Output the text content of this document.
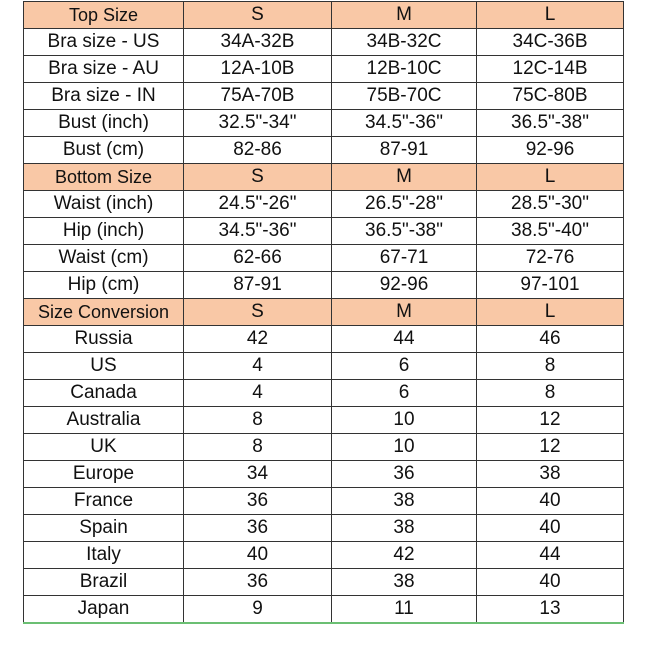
Top Size	S	M	L
Bra size - US	34A-32B	34B-32C	34C-36B
Bra size - AU	12A-10B	12B-10C	12C-14B
Bra size - IN	75A-70B	75B-70C	75C-80B
Bust (inch)	32.5"-34"	34.5"-36"	36.5"-38"
Bust (cm)	82-86	87-91	92-96
Bottom Size	S	M	L
Waist (inch)	24.5"-26"	26.5"-28"	28.5"-30"
Hip (inch)	34.5"-36"	36.5"-38"	38.5"-40"
Waist (cm)	62-66	67-71	72-76
Hip (cm)	87-91	92-96	97-101
Size Conversion	S	M	L
Russia	42	44	46
US	4	6	8
Canada	4	6	8
Australia	8	10	12
UK	8	10	12
Europe	34	36	38
France	36	38	40
Spain	36	38	40
Italy	40	42	44
Brazil	36	38	40
Japan	9	11	13
